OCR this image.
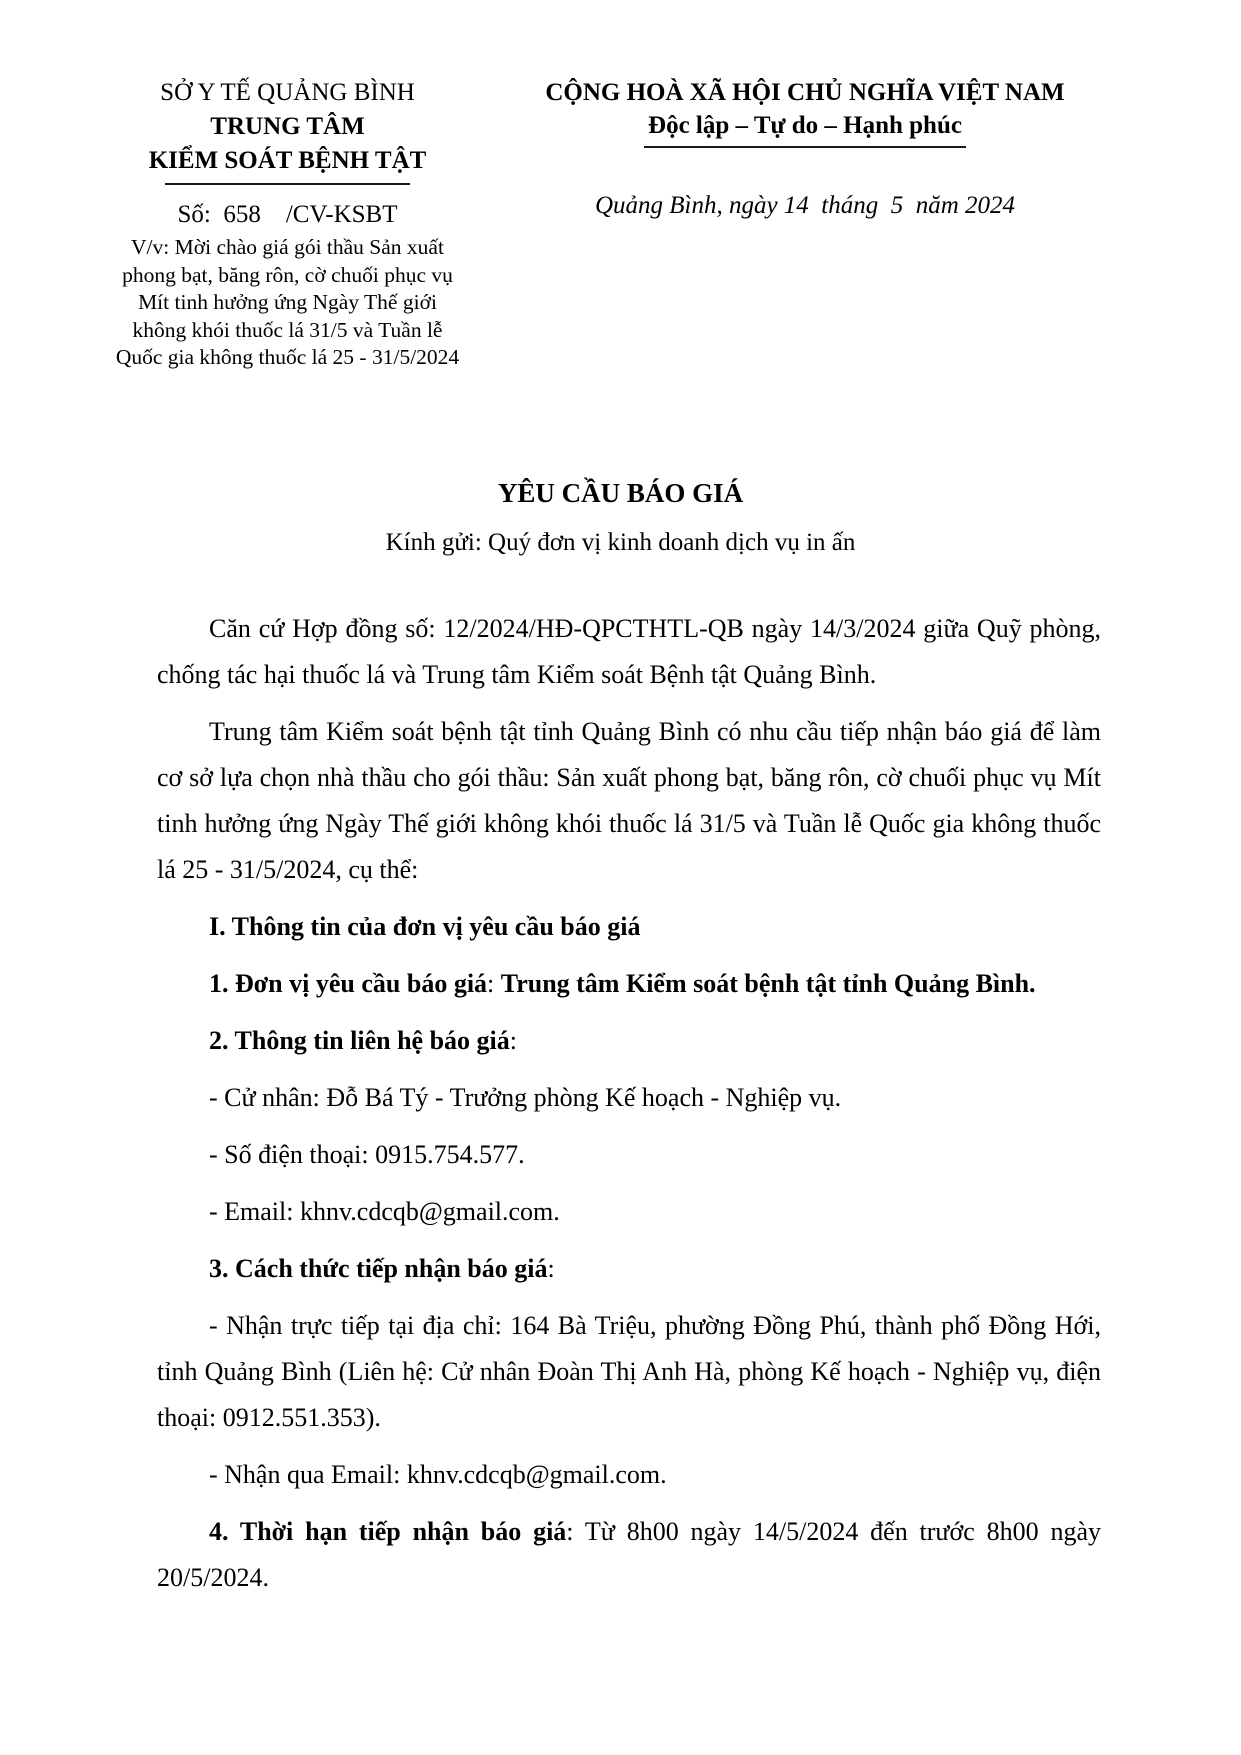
SỞ Y TẾ QUẢNG BÌNH
TRUNG TÂM
KIỂM SOÁT BỆNH TẬT
Số:  658    /CV-KSBT
V/v: Mời chào giá gói thầu Sản xuất phong bạt, băng rôn, cờ chuối phục vụ Mít tinh hưởng ứng Ngày Thế giới không khói thuốc lá 31/5 và Tuần lễ Quốc gia không thuốc lá 25 - 31/5/2024
CỘNG HOÀ XÃ HỘI CHỦ NGHĨA VIỆT NAM
Độc lập – Tự do – Hạnh phúc
Quảng Bình, ngày 14  tháng  5  năm 2024
YÊU CẦU BÁO GIÁ
Kính gửi: Quý đơn vị kinh doanh dịch vụ in ấn

Căn cứ Hợp đồng số: 12/2024/HĐ-QPCTHTL-QB ngày 14/3/2024 giữa Quỹ phòng, chống tác hại thuốc lá và Trung tâm Kiểm soát Bệnh tật Quảng Bình.

Trung tâm Kiểm soát bệnh tật tỉnh Quảng Bình có nhu cầu tiếp nhận báo giá để làm cơ sở lựa chọn nhà thầu cho gói thầu: Sản xuất phong bạt, băng rôn, cờ chuối phục vụ Mít tinh hưởng ứng Ngày Thế giới không khói thuốc lá 31/5 và Tuần lễ Quốc gia không thuốc lá 25 - 31/5/2024, cụ thể:

I. Thông tin của đơn vị yêu cầu báo giá

1. Đơn vị yêu cầu báo giá: Trung tâm Kiểm soát bệnh tật tỉnh Quảng Bình.

2. Thông tin liên hệ báo giá:

- Cử nhân: Đỗ Bá Tý - Trưởng phòng Kế hoạch - Nghiệp vụ.

- Số điện thoại: 0915.754.577.

- Email: khnv.cdcqb@gmail.com.

3. Cách thức tiếp nhận báo giá:

- Nhận trực tiếp tại địa chỉ: 164 Bà Triệu, phường Đồng Phú, thành phố Đồng Hới, tỉnh Quảng Bình (Liên hệ: Cử nhân Đoàn Thị Anh Hà, phòng Kế hoạch - Nghiệp vụ, điện thoại: 0912.551.353).

- Nhận qua Email: khnv.cdcqb@gmail.com.

4. Thời hạn tiếp nhận báo giá: Từ 8h00 ngày 14/5/2024 đến trước 8h00 ngày 20/5/2024.
